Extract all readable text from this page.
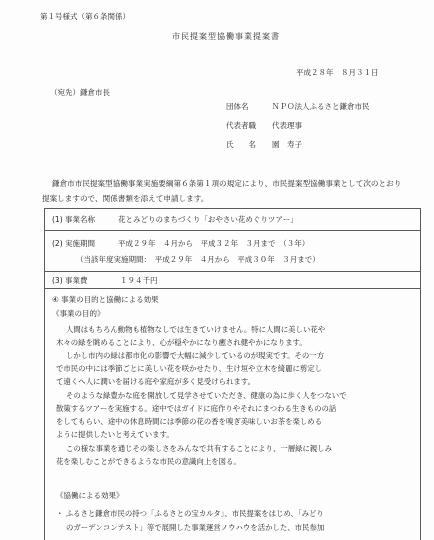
第１号様式（第６条関係）
市民提案型協働事業提案書
平成２８年　８月３１日
（宛先）鎌倉市長
団体名	ＮＰＯ法人ふるさと鎌倉市民
代表者職 代表理事
氏　　名 園　寿子
鎌倉市市民提案型協働事業実施要綱第６条第１項の規定により、市民提案型協働事業として次のとおり提案しますので、関係書類を添えて申請します。
(1) 事業名称	花とみどりのまちづくり「おやさい花めぐりツアー」
(2) 実施期間	平成２９年　４月から　平成３２年　３月まで　（３年）
（当該年度実施期間：　平成２９年　４月から　平成３０年　３月まで）
(3) 事業費	１９４千円
④ 事業の目的と協働による効果
《事業の目的》
人間はもちろん動物も植物なしでは生きていけません。特に人間に美しい花や
木々の緑を眺めることにより、心が穏やかになり癒され健やかになります。
しかし市内の緑は都市化の影響で大幅に減少しているのが現実です。その一方
で市民の中には季節ごとに美しい花を咲かせたり、生け垣や立木を綺麗に剪定し
て遠くへ人に潤いを届ける庭や家庭が多く見受けられます。
そのような緑豊かな庭を開放して見学させていただき、健康の為に歩く人をつないで
散策するツアーを実施する。途中ではガイドに庭作りやそれにまつわる生きものの話
をしてもらい、途中の休息時間には季節の花の香を嗅ぎ美味しいお茶を楽しめる
ように提供したいと考えています。
この様な事業を通じその楽しさをみんなで共有することにより、一層緑に親しみ
花を楽しむことができるような市民の意識向上を図る。
《協働による効果》
・ ふるさと鎌倉市民の持つ「ふるさとの宝カルタ」、市民提案をはじめ、「みどり
のガーデンコンテスト」等で展開した事業運営ノウハウを活かした、市民参加
